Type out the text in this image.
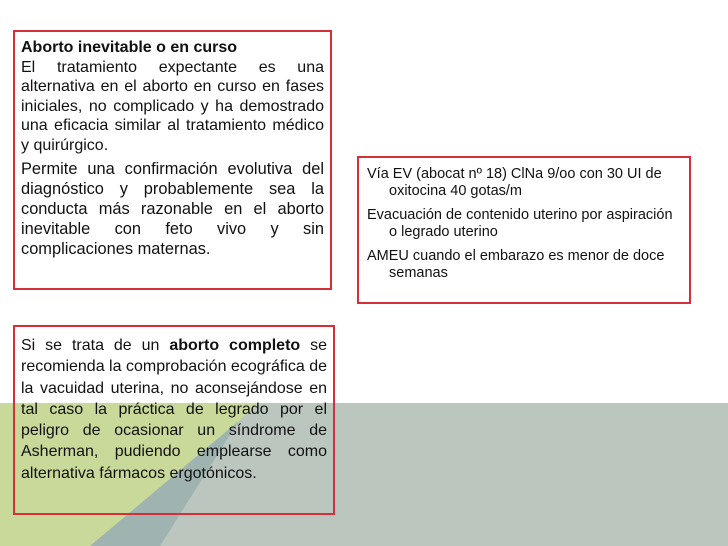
Aborto inevitable o en curso

El tratamiento expectante es una alternativa en el aborto en curso en fases iniciales, no complicado y ha demostrado una eficacia similar al tratamiento médico y quirúrgico.

Permite una confirmación evolutiva del diagnóstico y probablemente sea la conducta más razonable en el aborto inevitable con feto vivo y sin complicaciones maternas.

Vía EV (abocat nº 18) ClNa 9/oo con 30 UI de oxitocina 40 gotas/m
Evacuación de contenido uterino por aspiración o legrado uterino
AMEU cuando el embarazo es menor de doce semanas

Si se trata de un aborto completo se recomienda la comprobación ecográfica de la vacuidad uterina, no aconsejándose en tal caso la práctica de legrado por el peligro de ocasionar un síndrome de Asherman, pudiendo emplearse como alternativa fármacos ergotónicos.
